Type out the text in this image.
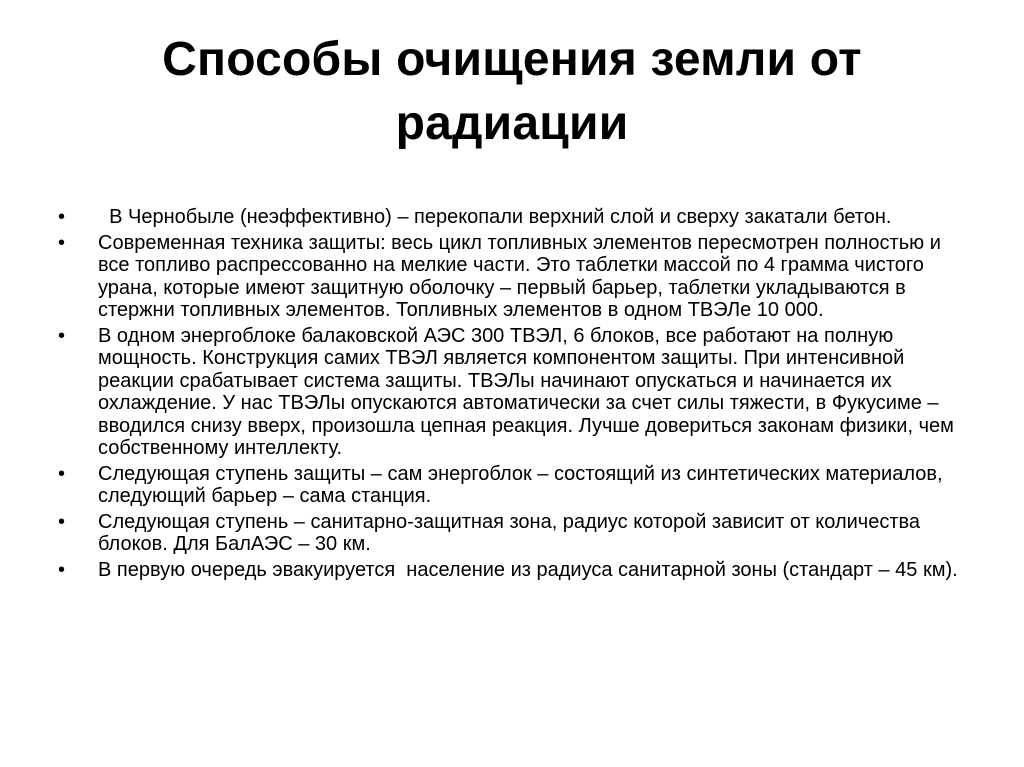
Способы очищения земли от радиации
• В Чернобыле (неэффективно) – перекопали верхний слой и сверху закатали бетон.
• Современная техника защиты: весь цикл топливных элементов пересмотрен полностью и все топливо распрессованно на мелкие части. Это таблетки массой по 4 грамма чистого урана, которые имеют защитную оболочку – первый барьер, таблетки укладываются в стержни топливных элементов. Топливных элементов в одном ТВЭЛе 10 000.
• В одном энергоблоке балаковской АЭС 300 ТВЭЛ, 6 блоков, все работают на полную мощность. Конструкция самих ТВЭЛ является компонентом защиты. При интенсивной реакции срабатывает система защиты. ТВЭЛы начинают опускаться и начинается их охлаждение. У нас ТВЭЛы опускаются автоматически за счет силы тяжести, в Фукусиме – вводился снизу вверх, произошла цепная реакция. Лучше довериться законам физики, чем собственному интеллекту.
• Следующая ступень защиты – сам энергоблок – состоящий из синтетических материалов, следующий барьер – сама станция.
• Следующая ступень – санитарно-защитная зона, радиус которой зависит от количества блоков. Для БалАЭС – 30 км.
• В первую очередь эвакуируется  население из радиуса санитарной зоны (стандарт – 45 км).
